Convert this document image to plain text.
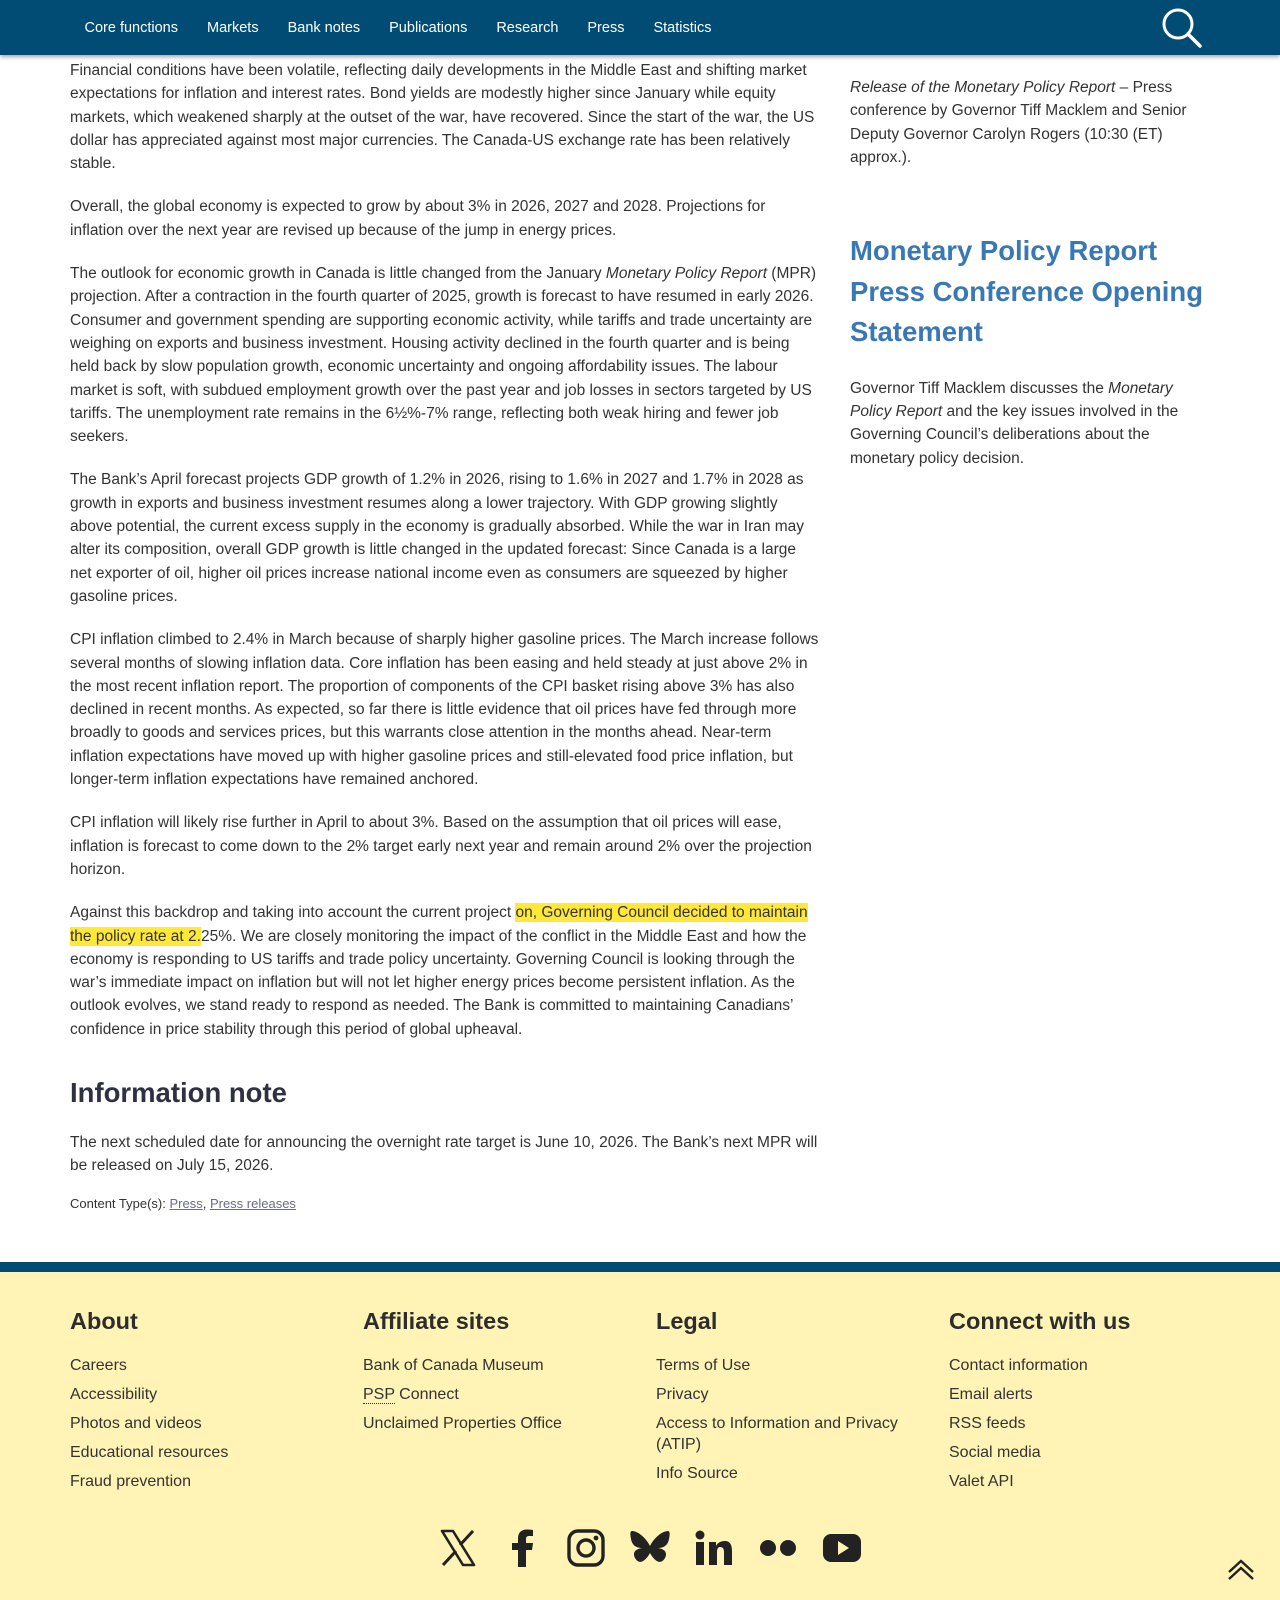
Core functions	Markets	Bank notes	Publications	Research	Press	Statistics

Financial conditions have been volatile, reflecting daily developments in the Middle East and shifting market expectations for inflation and interest rates. Bond yields are modestly higher since January while equity markets, which weakened sharply at the outset of the war, have recovered. Since the start of the war, the US dollar has appreciated against most major currencies. The Canada-US exchange rate has been relatively stable.

Overall, the global economy is expected to grow by about 3% in 2026, 2027 and 2028. Projections for inflation over the next year are revised up because of the jump in energy prices.

The outlook for economic growth in Canada is little changed from the January Monetary Policy Report (MPR) projection. After a contraction in the fourth quarter of 2025, growth is forecast to have resumed in early 2026. Consumer and government spending are supporting economic activity, while tariffs and trade uncertainty are weighing on exports and business investment. Housing activity declined in the fourth quarter and is being held back by slow population growth, economic uncertainty and ongoing affordability issues. The labour market is soft, with subdued employment growth over the past year and job losses in sectors targeted by US tariffs. The unemployment rate remains in the 6½%-7% range, reflecting both weak hiring and fewer job seekers.

The Bank’s April forecast projects GDP growth of 1.2% in 2026, rising to 1.6% in 2027 and 1.7% in 2028 as growth in exports and business investment resumes along a lower trajectory. With GDP growing slightly above potential, the current excess supply in the economy is gradually absorbed. While the war in Iran may alter its composition, overall GDP growth is little changed in the updated forecast: Since Canada is a large net exporter of oil, higher oil prices increase national income even as consumers are squeezed by higher gasoline prices.

CPI inflation climbed to 2.4% in March because of sharply higher gasoline prices. The March increase follows several months of slowing inflation data. Core inflation has been easing and held steady at just above 2% in the most recent inflation report. The proportion of components of the CPI basket rising above 3% has also declined in recent months. As expected, so far there is little evidence that oil prices have fed through more broadly to goods and services prices, but this warrants close attention in the months ahead. Near-term inflation expectations have moved up with higher gasoline prices and still-elevated food price inflation, but longer-term inflation expectations have remained anchored.

CPI inflation will likely rise further in April to about 3%. Based on the assumption that oil prices will ease, inflation is forecast to come down to the 2% target early next year and remain around 2% over the projection horizon.

Against this backdrop and taking into account the current project on, Governing Council decided to maintain the policy rate at 2.25%. We are closely monitoring the impact of the conflict in the Middle East and how the economy is responding to US tariffs and trade policy uncertainty. Governing Council is looking through the war’s immediate impact on inflation but will not let higher energy prices become persistent inflation. As the outlook evolves, we stand ready to respond as needed. The Bank is committed to maintaining Canadians’ confidence in price stability through this period of global upheaval.

Information note

The next scheduled date for announcing the overnight rate target is June 10, 2026. The Bank’s next MPR will be released on July 15, 2026.

Content Type(s): Press, Press releases

Release of the Monetary Policy Report – Press conference by Governor Tiff Macklem and Senior Deputy Governor Carolyn Rogers (10:30 (ET) approx.).

Monetary Policy Report Press Conference Opening Statement

Governor Tiff Macklem discusses the Monetary Policy Report and the key issues involved in the Governing Council’s deliberations about the monetary policy decision.

About
Careers
Accessibility
Photos and videos
Educational resources
Fraud prevention
Affiliate sites
Bank of Canada Museum
PSP Connect
Unclaimed Properties Office
Legal
Terms of Use
Privacy
Access to Information and Privacy (ATIP)
Info Source
Connect with us
Contact information
Email alerts
RSS feeds
Social media
Valet API
